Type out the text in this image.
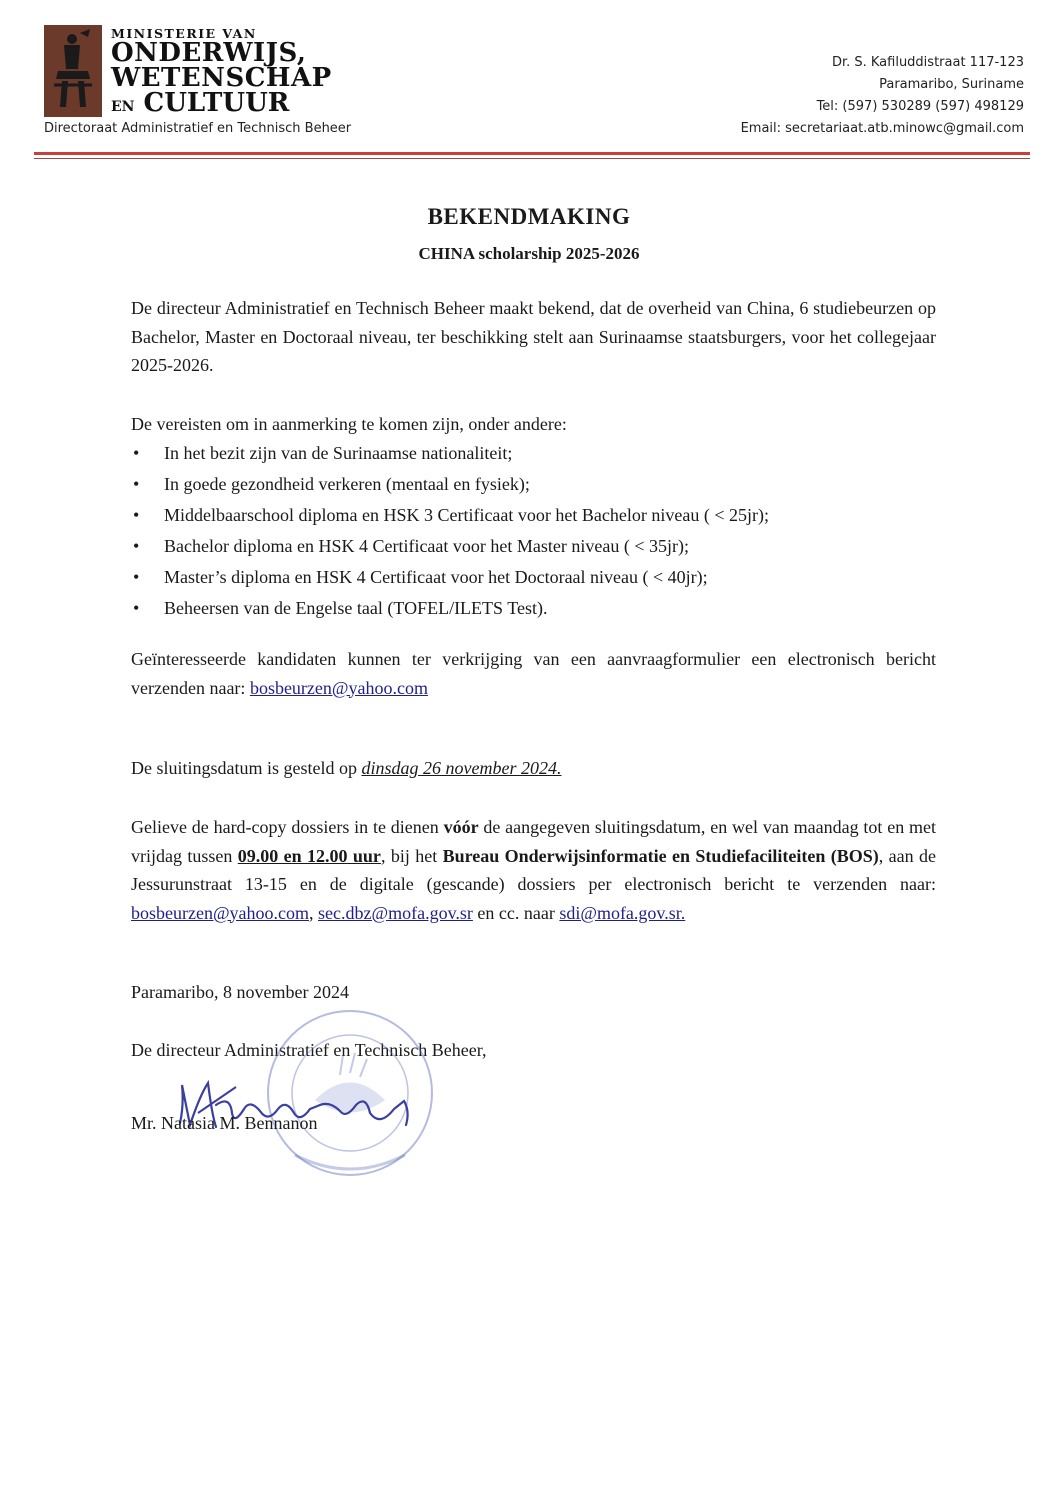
MINISTERIE VAN
ONDERWIJS,
WETENSCHAP
EN CULTUUR
Directoraat Administratief en Technisch Beheer
Dr. S. Kafiluddistraat 117-123
Paramaribo, Suriname
Tel: (597) 530289 (597) 498129
Email: secretariaat.atb.minowc@gmail.com
BEKENDMAKING
CHINA scholarship 2025-2026
De directeur Administratief en Technisch Beheer maakt bekend, dat de overheid van China, 6 studiebeurzen op Bachelor, Master en Doctoraal niveau, ter beschikking stelt aan Surinaamse staatsburgers, voor het collegejaar 2025-2026.
De vereisten om in aanmerking te komen zijn, onder andere:
• In het bezit zijn van de Surinaamse nationaliteit;
• In goede gezondheid verkeren (mentaal en fysiek);
• Middelbaarschool diploma en HSK 3 Certificaat voor het Bachelor niveau ( < 25jr);
• Bachelor diploma en HSK 4 Certificaat voor het Master niveau ( < 35jr);
• Master’s diploma en HSK 4 Certificaat voor het Doctoraal niveau ( < 40jr);
• Beheersen van de Engelse taal (TOFEL/ILETS Test).
Geïnteresseerde kandidaten kunnen ter verkrijging van een aanvraagformulier een electronisch bericht verzenden naar: bosbeurzen@yahoo.com
De sluitingsdatum is gesteld op dinsdag 26 november 2024.
Gelieve de hard-copy dossiers in te dienen vóór de aangegeven sluitingsdatum, en wel van maandag tot en met vrijdag tussen 09.00 en 12.00 uur, bij het Bureau Onderwijsinformatie en Studiefaciliteiten (BOS), aan de Jessurunstraat 13-15 en de digitale (gescande) dossiers per electronisch bericht te verzenden naar: bosbeurzen@yahoo.com, sec.dbz@mofa.gov.sr en cc. naar sdi@mofa.gov.sr.
Paramaribo, 8 november 2024
De directeur Administratief en Technisch Beheer,
Mr. Natasia M. Bennanon
